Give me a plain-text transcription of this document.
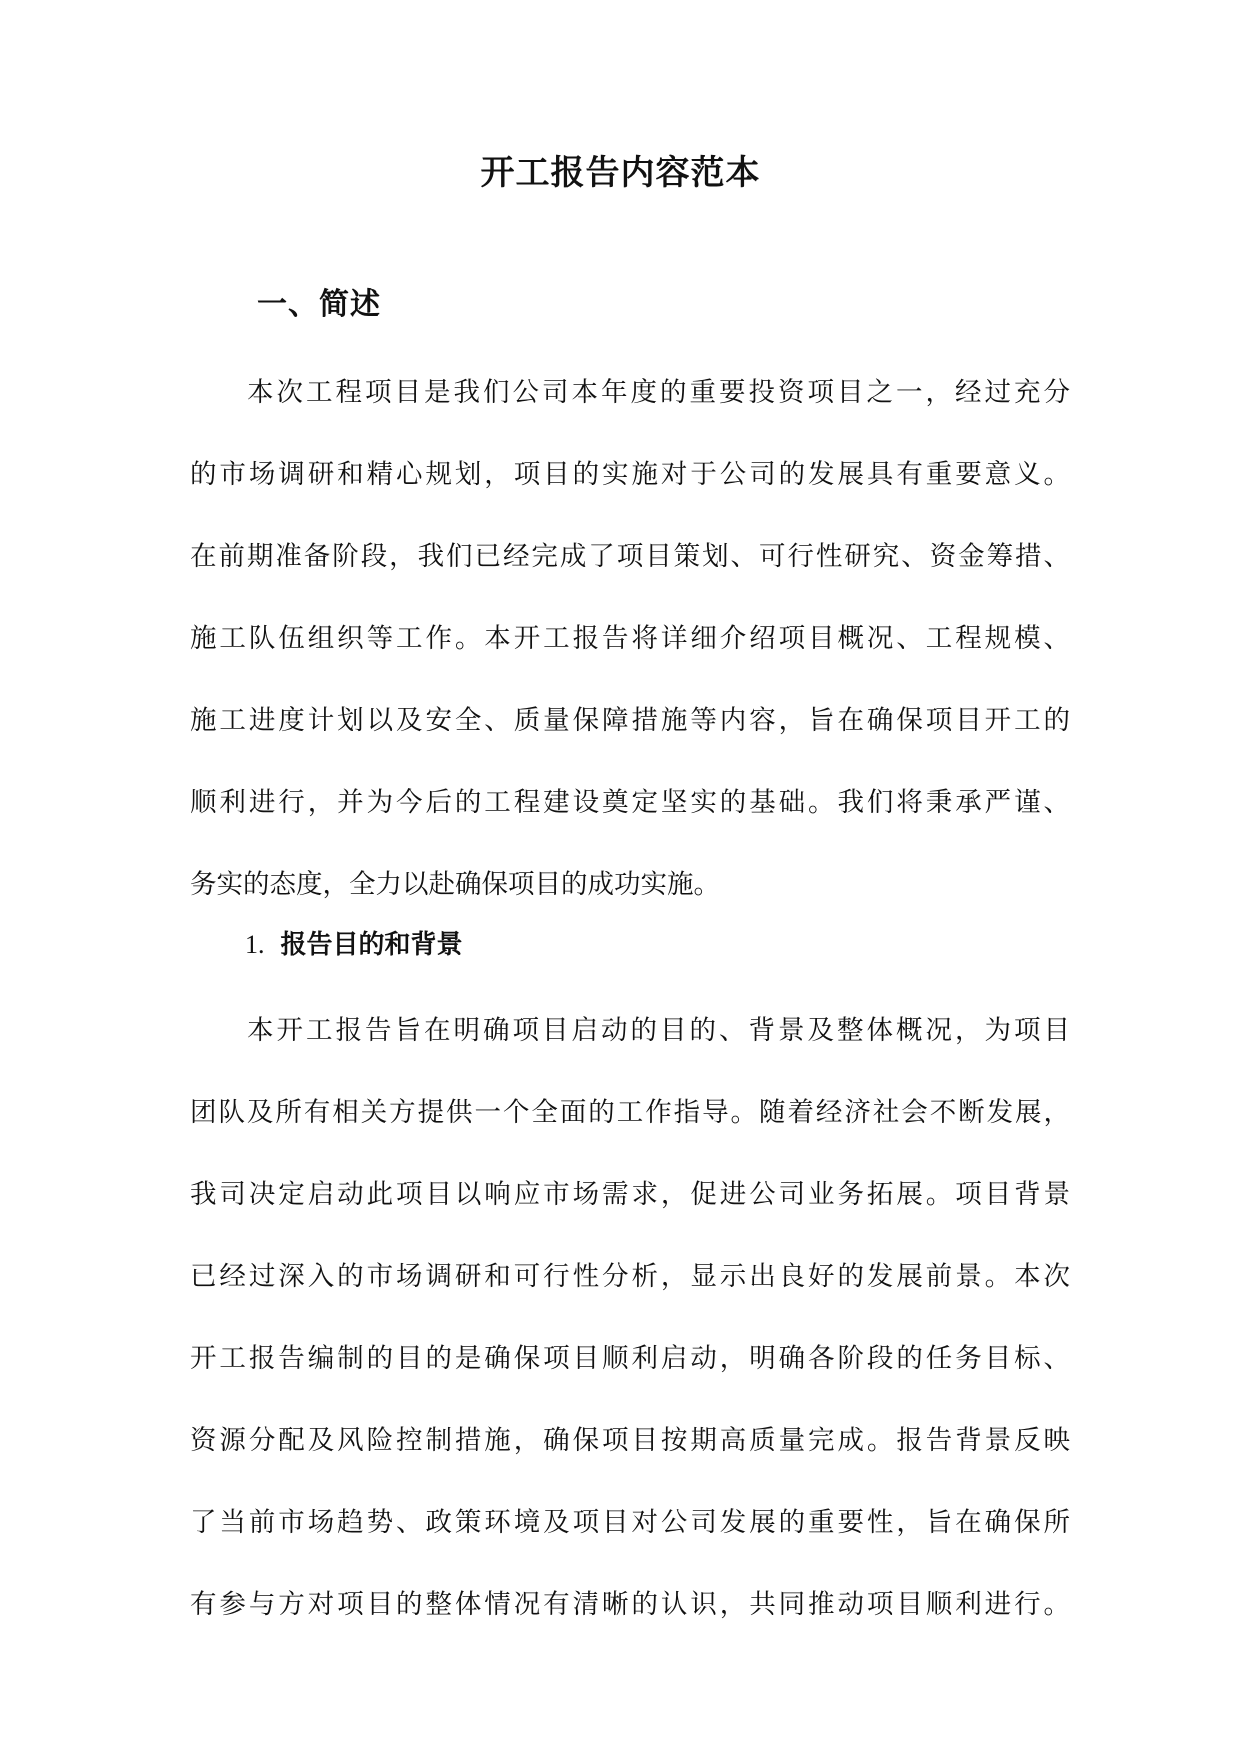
开工报告内容范本
一、简述
本次工程项目是我们公司本年度的重要投资项目之一，经过充分
的市场调研和精心规划，项目的实施对于公司的发展具有重要意义。
在前期准备阶段，我们已经完成了项目策划、可行性研究、资金筹措、
施工队伍组织等工作。本开工报告将详细介绍项目概况、工程规模、
施工进度计划以及安全、质量保障措施等内容，旨在确保项目开工的
顺利进行，并为今后的工程建设奠定坚实的基础。我们将秉承严谨、
务实的态度，全力以赴确保项目的成功实施。
1. 报告目的和背景
本开工报告旨在明确项目启动的目的、背景及整体概况，为项目
团队及所有相关方提供一个全面的工作指导。随着经济社会不断发展，
我司决定启动此项目以响应市场需求，促进公司业务拓展。项目背景
已经过深入的市场调研和可行性分析，显示出良好的发展前景。本次
开工报告编制的目的是确保项目顺利启动，明确各阶段的任务目标、
资源分配及风险控制措施，确保项目按期高质量完成。报告背景反映
了当前市场趋势、政策环境及项目对公司发展的重要性，旨在确保所
有参与方对项目的整体情况有清晰的认识，共同推动项目顺利进行。
